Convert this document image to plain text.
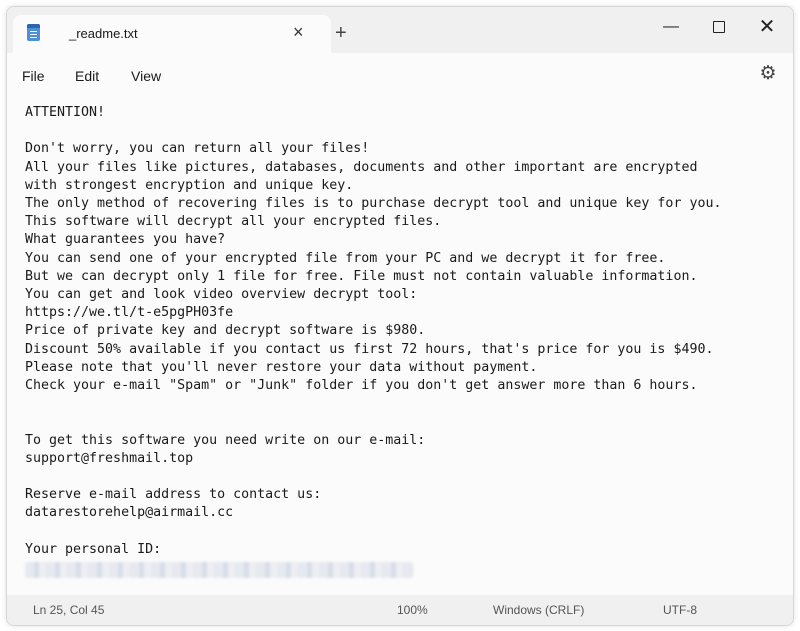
_readme.txt	× +	—	✕
File Edit View	⚙
ATTENTION!

Don't worry, you can return all your files!
All your files like pictures, databases, documents and other important are encrypted
with strongest encryption and unique key.
The only method of recovering files is to purchase decrypt tool and unique key for you.
This software will decrypt all your encrypted files.
What guarantees you have?
You can send one of your encrypted file from your PC and we decrypt it for free.
But we can decrypt only 1 file for free. File must not contain valuable information.
You can get and look video overview decrypt tool:
https://we.tl/t-e5pgPH03fe
Price of private key and decrypt software is $980.
Discount 50% available if you contact us first 72 hours, that's price for you is $490.
Please note that you'll never restore your data without payment.
Check your e-mail "Spam" or "Junk" folder if you don't get answer more than 6 hours.

To get this software you need write on our e-mail:
support@freshmail.top

Reserve e-mail address to contact us:
datarestorehelp@airmail.cc

Your personal ID:

Ln 25, Col 45	100%	Windows (CRLF)	UTF-8
